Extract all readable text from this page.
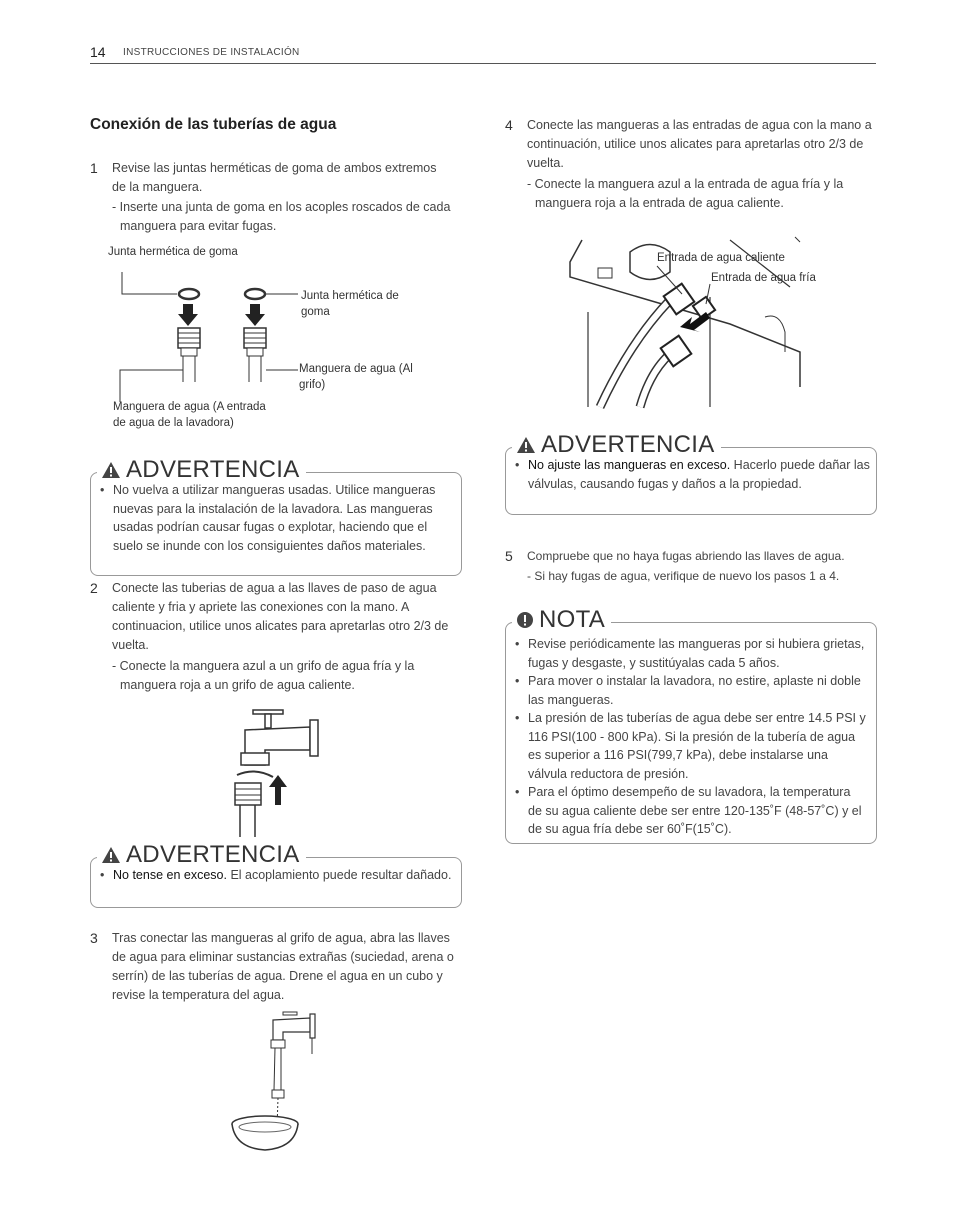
14 INSTRUCCIONES DE INSTALACIÓN
Conexión de las tuberías de agua
1 Revise las juntas herméticas de goma de ambos extremos de la manguera.
- Inserte una junta de goma en los acoples roscados de cada manguera para evitar fugas.
Junta hermética de goma
Junta hermética de goma
Manguera de agua (Al grifo)
Manguera de agua (A entrada de agua de la lavadora)
ADVERTENCIA
• No vuelva a utilizar mangueras usadas. Utilice mangueras nuevas para la instalación de la lavadora. Las mangueras usadas podrían causar fugas o explotar, haciendo que el suelo se inunde con los consiguientes daños materiales.
2 Conecte las tuberias de agua a las llaves de paso de agua caliente y fria y apriete las conexiones con la mano. A continuacion, utilice unos alicates para apretarlas otro 2/3 de vuelta.
- Conecte la manguera azul a un grifo de agua fría y la manguera roja a un grifo de agua caliente.
ADVERTENCIA
• No tense en exceso. El acoplamiento puede resultar dañado.
3 Tras conectar las mangueras al grifo de agua, abra las llaves de agua para eliminar sustancias extrañas (suciedad, arena o serrín) de las tuberías de agua. Drene el agua en un cubo y revise la temperatura del agua.
4 Conecte las mangueras a las entradas de agua con la mano a continuación, utilice unos alicates para apretarlas otro 2/3 de vuelta.
- Conecte la manguera azul a la entrada de agua fría y la manguera roja a la entrada de agua caliente.
Entrada de agua caliente
Entrada de agua fría
ADVERTENCIA
• No ajuste las mangueras en exceso. Hacerlo puede dañar las válvulas, causando fugas y daños a la propiedad.
5 Compruebe que no haya fugas abriendo las llaves de agua.
- Si hay fugas de agua, verifique de nuevo los pasos 1 a 4.
NOTA
• Revise periódicamente las mangueras por si hubiera grietas, fugas y desgaste, y sustitúyalas cada 5 años.
• Para mover o instalar la lavadora, no estire, aplaste ni doble las mangueras.
• La presión de las tuberías de agua debe ser entre 14.5 PSI y 116 PSI(100 - 800 kPa). Si la presión de la tubería de agua es superior a 116 PSI(799,7 kPa), debe instalarse una válvula reductora de presión.
• Para el óptimo desempeño de su lavadora, la temperatura de su agua caliente debe ser entre 120-135˚F (48-57˚C) y el de su agua fría debe ser 60˚F(15˚C).
